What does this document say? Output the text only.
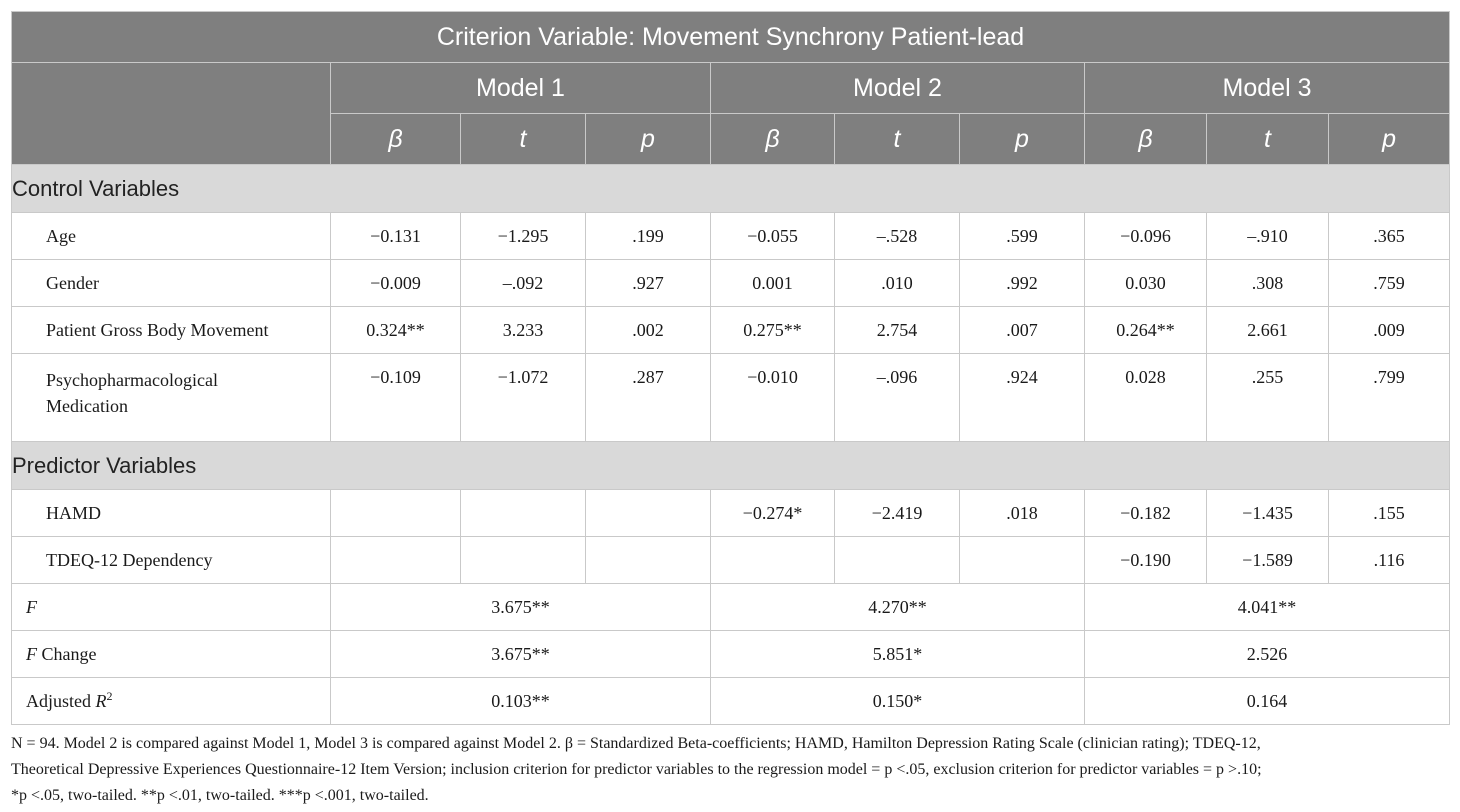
Criterion Variable: Movement Synchrony Patient-lead									
	Model 1			Model 2			Model 3		
	β	t	p	β	t	p	β	t	p
Control Variables									
Age	−0.131	−1.295	.199	−0.055	–.528	.599	−0.096	–.910	.365
Gender	−0.009	–.092	.927	0.001	.010	.992	0.030	.308	.759
Patient Gross Body Movement	0.324**	3.233	.002	0.275**	2.754	.007	0.264**	2.661	.009
Psychopharmacological
Medication	−0.109	−1.072	.287	−0.010	–.096	.924	0.028	.255	.799
Predictor Variables									
HAMD				−0.274*	−2.419	.018	−0.182	−1.435	.155
TDEQ-12 Dependency							−0.190	−1.589	.116
F	3.675**			4.270**			4.041**		
F Change	3.675**			5.851*			2.526		
Adjusted $R^2$	0.103**			0.150*			0.164		
N = 94. Model 2 is compared against Model 1, Model 3 is compared against Model 2. β = Standardized Beta-coefficients; HAMD, Hamilton Depression Rating Scale (clinician rating); TDEQ-12,
Theoretical Depressive Experiences Questionnaire-12 Item Version; inclusion criterion for predictor variables to the regression model = p <.05, exclusion criterion for predictor variables = p >.10;
*p <.05, two-tailed. **p <.01, two-tailed. ***p <.001, two-tailed.
